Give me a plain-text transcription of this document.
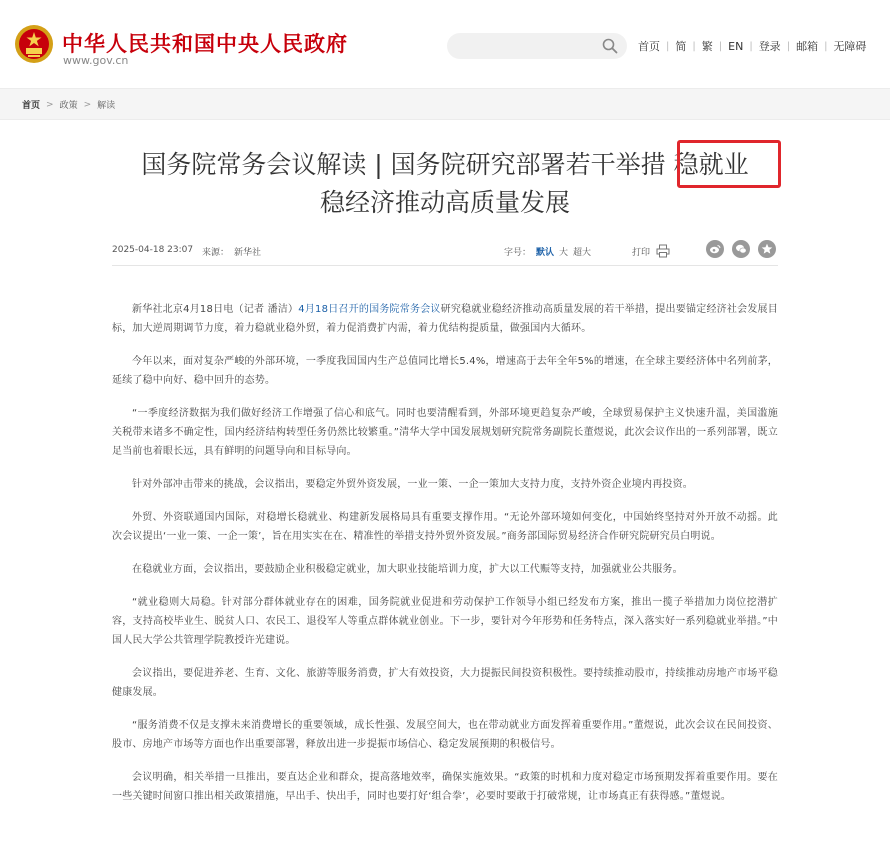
中华人民共和国中央人民政府
www.gov.cn
首页 | 简 | 繁 | EN | 登录 | 邮箱 | 无障碍
首页 > 政策 > 解读
国务院常务会议解读 | 国务院研究部署若干举措 稳就业
稳经济推动高质量发展
2025-04-18 23:07 来源： 新华社	字号： 默认 大 超大	打印

新华社北京4月18日电（记者 潘洁）4月18日召开的国务院常务会议研究稳就业稳经济推动高质量发展的若干举措，提出要锚定经济社会发展目标，加大逆周期调节力度，着力稳就业稳外贸，着力促消费扩内需，着力优结构提质量，做强国内大循环。

今年以来，面对复杂严峻的外部环境，一季度我国国内生产总值同比增长5.4%，增速高于去年全年5%的增速，在全球主要经济体中名列前茅，延续了稳中向好、稳中回升的态势。

“一季度经济数据为我们做好经济工作增强了信心和底气。同时也要清醒看到，外部环境更趋复杂严峻，全球贸易保护主义快速升温，美国滥施关税带来诸多不确定性，国内经济结构转型任务仍然比较繁重。”清华大学中国发展规划研究院常务副院长董煜说，此次会议作出的一系列部署，既立足当前也着眼长远，具有鲜明的问题导向和目标导向。

针对外部冲击带来的挑战，会议指出，要稳定外贸外资发展，一业一策、一企一策加大支持力度，支持外资企业境内再投资。

外贸、外资联通国内国际，对稳增长稳就业、构建新发展格局具有重要支撑作用。“无论外部环境如何变化，中国始终坚持对外开放不动摇。此次会议提出‘一业一策、一企一策’，旨在用实实在在、精准性的举措支持外贸外资发展。”商务部国际贸易经济合作研究院研究员白明说。

在稳就业方面，会议指出，要鼓励企业积极稳定就业，加大职业技能培训力度，扩大以工代赈等支持，加强就业公共服务。

“就业稳则大局稳。针对部分群体就业存在的困难，国务院就业促进和劳动保护工作领导小组已经发布方案，推出一揽子举措加力岗位挖潜扩容，支持高校毕业生、脱贫人口、农民工、退役军人等重点群体就业创业。下一步，要针对今年形势和任务特点，深入落实好一系列稳就业举措。”中国人民大学公共管理学院教授许光建说。

会议指出，要促进养老、生育、文化、旅游等服务消费，扩大有效投资，大力提振民间投资积极性。要持续推动股市，持续推动房地产市场平稳健康发展。

“服务消费不仅是支撑未来消费增长的重要领域，成长性强、发展空间大，也在带动就业方面发挥着重要作用。”董煜说，此次会议在民间投资、股市、房地产市场等方面也作出重要部署，释放出进一步提振市场信心、稳定发展预期的积极信号。

会议明确，相关举措一旦推出，要直达企业和群众，提高落地效率，确保实施效果。“政策的时机和力度对稳定市场预期发挥着重要作用。要在一些关键时间窗口推出相关政策措施，早出手、快出手，同时也要打好‘组合拳’，必要时要敢于打破常规，让市场真正有获得感。”董煜说。
